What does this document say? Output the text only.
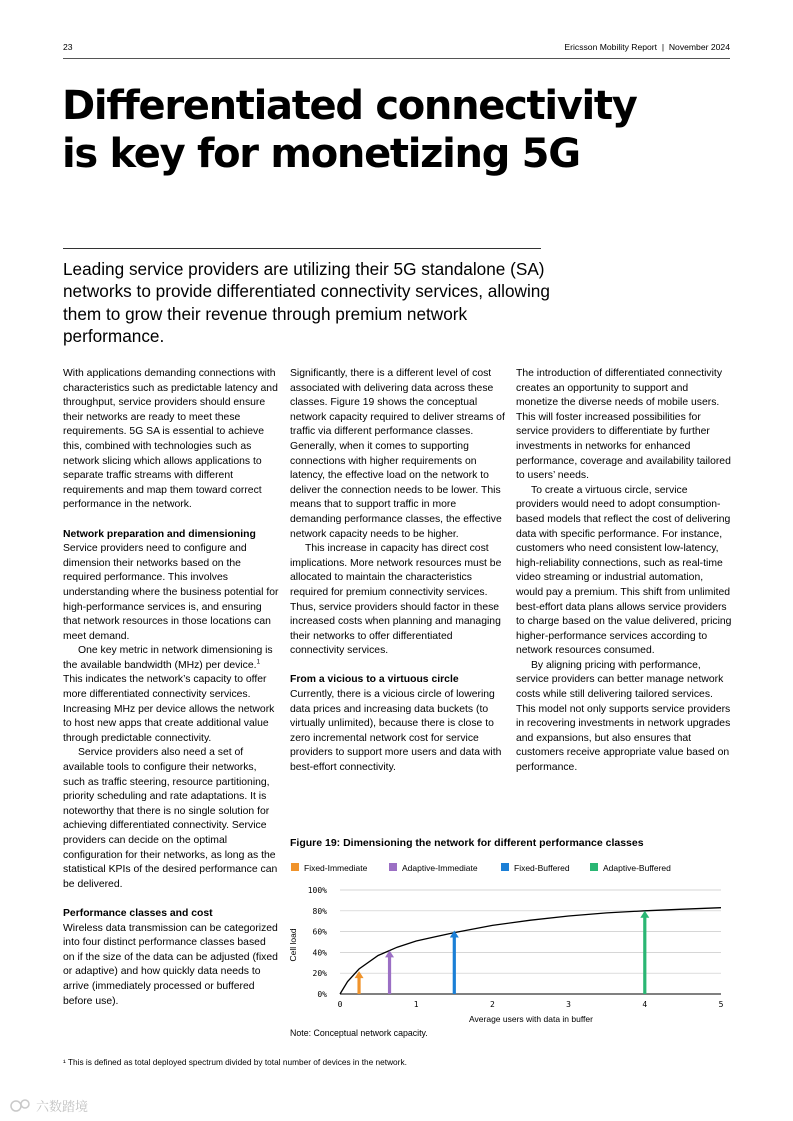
23	Ericsson Mobility Report  |  November 2024
Differentiated connectivity
is key for monetizing 5G

Leading service providers are utilizing their 5G standalone (SA) networks to provide differentiated connectivity services, allowing them to grow their revenue through premium network performance.

With applications demanding connections with characteristics such as predictable latency and throughput, service providers should ensure their networks are ready to meet these requirements. 5G SA is essential to achieve this, combined with technologies such as network slicing which allows applications to separate traffic streams with different requirements and map them toward correct performance in the network.

Network preparation and dimensioning

Service providers need to configure and dimension their networks based on the required performance. This involves understanding where the business potential for high-performance services is, and ensuring that network resources in those locations can meet demand.

One key metric in network dimensioning is the available bandwidth (MHz) per device.$^1$ This indicates the network’s capacity to offer more differentiated connectivity services. Increasing MHz per device allows the network to host new apps that create additional value through predictable connectivity.

Service providers also need a set of available tools to configure their networks, such as traffic steering, resource partitioning, priority scheduling and rate adaptations. It is noteworthy that there is no single solution for achieving differentiated connectivity. Service providers can decide on the optimal configuration for their networks, as long as the statistical KPIs of the desired performance can be delivered.

Performance classes and cost

Wireless data transmission can be categorized into four distinct performance classes based on if the size of the data can be adjusted (fixed or adaptive) and how quickly data needs to arrive (immediately processed or buffered before use).

Significantly, there is a different level of cost associated with delivering data across these classes. Figure 19 shows the conceptual network capacity required to deliver streams of traffic via different performance classes. Generally, when it comes to supporting connections with higher requirements on latency, the effective load on the network to deliver the connection needs to be lower. This means that to support traffic in more demanding performance classes, the effective network capacity needs to be higher.

This increase in capacity has direct cost implications. More network resources must be allocated to maintain the characteristics required for premium connectivity services. Thus, service providers should factor in these increased costs when planning and managing their networks to offer differentiated connectivity services.

From a vicious to a virtuous circle

Currently, there is a vicious circle of lowering data prices and increasing data buckets (to virtually unlimited), because there is close to zero incremental network cost for service providers to support more users and data with best-effort connectivity.

The introduction of differentiated connectivity creates an opportunity to support and monetize the diverse needs of mobile users. This will foster increased possibilities for service providers to differentiate by further investments in networks for enhanced performance, coverage and availability tailored to users’ needs.

To create a virtuous circle, service providers would need to adopt consumption-based models that reflect the cost of delivering data with specific performance. For instance, customers who need consistent low-latency, high-reliability connections, such as real-time video streaming or industrial automation, would pay a premium. This shift from unlimited best-effort data plans allows service providers to charge based on the value delivered, pricing higher-performance services according to network resources consumed.

By aligning pricing with performance, service providers can better manage network costs while still delivering tailored services. This model not only supports service providers in recovering investments in network upgrades and expansions, but also ensures that customers receive appropriate value based on performance.

Figure 19: Dimensioning the network for different performance classes

Fixed-Immediate	Adaptive-Immediate	Fixed-Buffered	Adaptive-Buffered
0%
20%
40%
60%
80%
100%
0	1	2	3	4	5
Cell load
Average users with data in buffer

Note: Conceptual network capacity.

¹ This is defined as total deployed spectrum divided by total number of devices in the network.

六数踏境
